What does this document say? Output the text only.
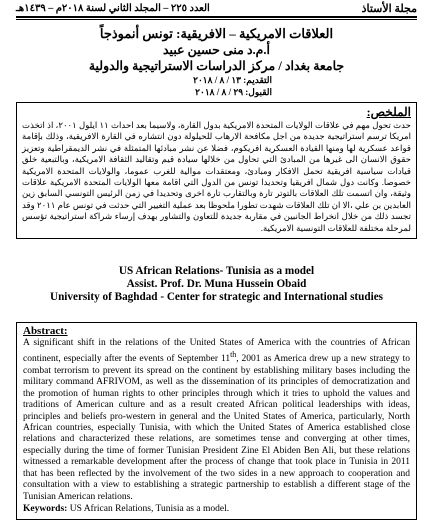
مجلة الأستاذ
العدد ٢٢٥ – المجلد الثاني لسنة ٢٠١٨م – ١٤٣٩هـ
العلاقات الامريكية – الافريقية: تونس أنموذجاً
أ.م.د منى حسين عبيد
جامعة بغداد / مركز الدراسات الاستراتيجية والدولية
التقديم: ١٣ / ٨ / ٢٠١٨
القبول: ٢٩ / ٨ / ٢٠١٨
الملخص:
حدث تحول مهم في علاقات الولايات المتحدة الامريكية بدول القارة، ولاسيما بعد احداث ١١ ايلول ٢٠٠١، اذ اتخذت امريكا ترسم استراتيجية جديدة من اجل مكافحة الارهاب للحيلولة دون انتشاره في القارة الافريقية، وذلك بإقامة قواعد عسكرية لها ومنها القيادة العسكرية افريكوم، فضلا عن نشر مبادئها المتمثلة في نشر الديمقراطية وتعزيز حقوق الانسان الى غيرها من المبادئ التي تحاول من خلالها سيادة قيم وتقاليد الثقافة الامريكية، وبالتبعية خلق قيادات سياسية افريقية تحمل الافكار ومبادئ، ومعتقدات موالية للغرب عموما، والولايات المتحدة الامريكية خصوصا. وكانت دول شمال افريقيا وتحديدا تونس من الدول التي اقامة معها الولايات المتحدة الامريكية علاقات وثيقة، وان اتسمت تلك العلاقات بالتوتر تارة وبالتقارب تارة اخرى وتحديدا في زمن الرئيس التونسي السابق زين العابدين بن علي ،الا ان تلك العلاقات شهدت تطورا ملحوظا بعد عملية التغيير التي حدثت في تونس عام ٢٠١١ وقد تجسد ذلك من خلال انخراط الجانبين في مقاربة جديدة للتعاون والتشاور بهدف إرساء شراكة استراتيجية تؤسس لمرحلة مختلفة للعلاقات التونسية الامريكية.
US African Relations- Tunisia as a model
Assist. Prof. Dr. Muna Hussein Obaid
University of Baghdad - Center for strategic and International studies
Abstract:
A significant shift in the relations of the United States of America with the countries of African continent, especially after the events of September 11th, 2001 as America drew up a new strategy to combat terrorism to prevent its spread on the continent by establishing military bases including the military command AFRIVOM, as well as the dissemination of its principles of democratization and the promotion of human rights to other principles through which it tries to uphold the values and traditions of American culture and as a result created African political leaderships with ideas, principles and beliefs pro-western in general and the United States of America, particularly, North African countries, especially Tunisia, with which the United States of America established close relations and characterized these relations, are sometimes tense and converging at other times, especially during the time of former Tunisian President Zine El Abiden Ben Ali, but these relations witnessed a remarkable development after the process of change that took place in Tunisia in 2011 that has been reflected by the involvement of the two sides in a new approach to cooperation and consultation with a view to establishing a strategic partnership to establish a different stage of the Tunisian American relations.
Keywords: US African Relations, Tunisia as a model.
